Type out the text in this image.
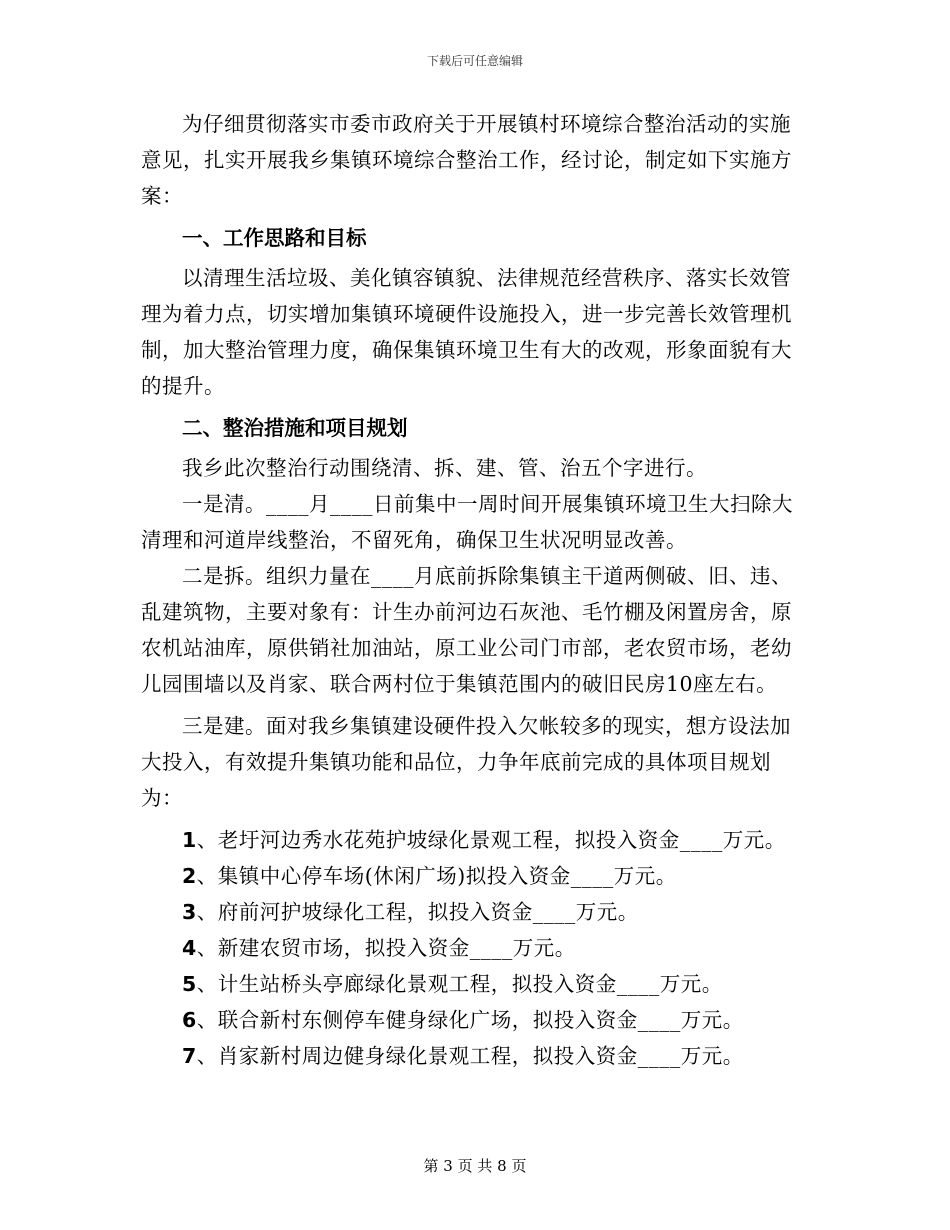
下载后可任意编辑

为仔细贯彻落实市委市政府关于开展镇村环境综合整治活动的实施意见，扎实开展我乡集镇环境综合整治工作，经讨论，制定如下实施方案：

一、工作思路和目标

以清理生活垃圾、美化镇容镇貌、法律规范经营秩序、落实长效管理为着力点，切实增加集镇环境硬件设施投入，进一步完善长效管理机制，加大整治管理力度，确保集镇环境卫生有大的改观，形象面貌有大的提升。

二、整治措施和项目规划

我乡此次整治行动围绕清、拆、建、管、治五个字进行。

一是清。____月____日前集中一周时间开展集镇环境卫生大扫除大清理和河道岸线整治，不留死角，确保卫生状况明显改善。

二是拆。组织力量在____月底前拆除集镇主干道两侧破、旧、违、乱建筑物，主要对象有：计生办前河边石灰池、毛竹棚及闲置房舍，原农机站油库，原供销社加油站，原工业公司门市部，老农贸市场，老幼儿园围墙以及肖家、联合两村位于集镇范围内的破旧民房10座左右。

三是建。面对我乡集镇建设硬件投入欠帐较多的现实，想方设法加大投入，有效提升集镇功能和品位，力争年底前完成的具体项目规划为：

1、老圩河边秀水花苑护坡绿化景观工程，拟投入资金____万元。
2、集镇中心停车场(休闲广场)拟投入资金____万元。
3、府前河护坡绿化工程，拟投入资金____万元。
4、新建农贸市场，拟投入资金____万元。
5、计生站桥头亭廊绿化景观工程，拟投入资金____万元。
6、联合新村东侧停车健身绿化广场，拟投入资金____万元。
7、肖家新村周边健身绿化景观工程，拟投入资金____万元。
第 3 页 共 8 页
